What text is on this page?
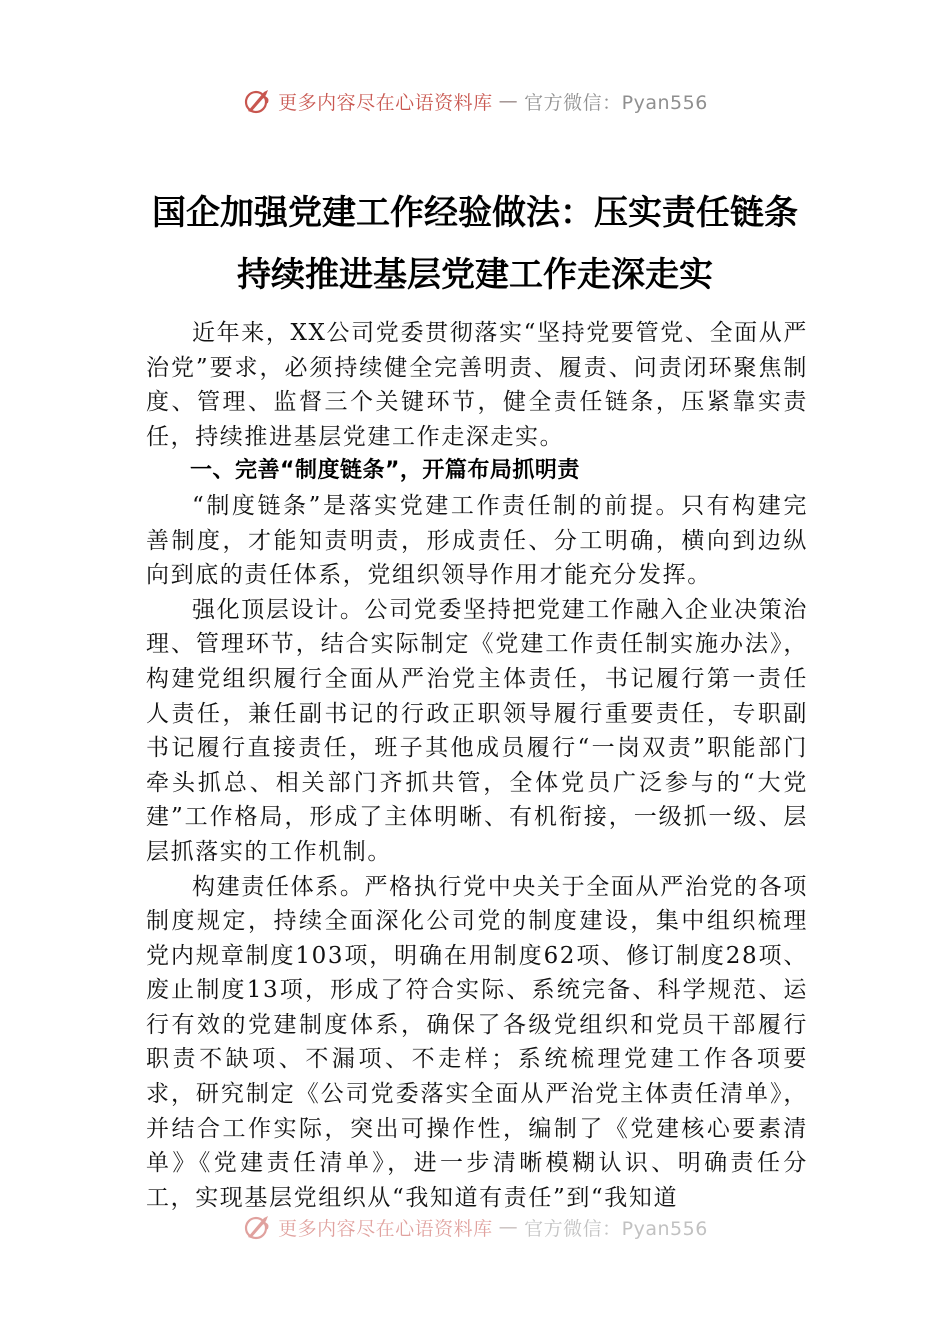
更多内容尽在心语资料库 — 官方微信：Pyan556
国企加强党建工作经验做法：压实责任链条 持续推进基层党建工作走深走实

近年来，XX公司党委贯彻落实“坚持党要管党、全面从严治党”要求，必须持续健全完善明责、履责、问责闭环聚焦制度、管理、监督三个关键环节，健全责任链条，压紧靠实责任，持续推进基层党建工作走深走实。

一、完善“制度链条”，开篇布局抓明责

“制度链条”是落实党建工作责任制的前提。只有构建完善制度，才能知责明责，形成责任、分工明确，横向到边纵向到底的责任体系，党组织领导作用才能充分发挥。

强化顶层设计。公司党委坚持把党建工作融入企业决策治理、管理环节，结合实际制定《党建工作责任制实施办法》，构建党组织履行全面从严治党主体责任，书记履行第一责任人责任，兼任副书记的行政正职领导履行重要责任，专职副书记履行直接责任，班子其他成员履行“一岗双责”职能部门牵头抓总、相关部门齐抓共管，全体党员广泛参与的“大党建”工作格局，形成了主体明晰、有机衔接，一级抓一级、层层抓落实的工作机制。

构建责任体系。严格执行党中央关于全面从严治党的各项制度规定，持续全面深化公司党的制度建设，集中组织梳理党内规章制度103项，明确在用制度62项、修订制度28项、废止制度13项，形成了符合实际、系统完备、科学规范、运行有效的党建制度体系，确保了各级党组织和党员干部履行职责不缺项、不漏项、不走样；系统梳理党建工作各项要求，研究制定《公司党委落实全面从严治党主体责任清单》，并结合工作实际，突出可操作性，编制了《党建核心要素清单》《党建责任清单》，进一步清晰模糊认识、明确责任分工，实现基层党组织从“我知道有责任”到“我知道

更多内容尽在心语资料库 — 官方微信：Pyan556
